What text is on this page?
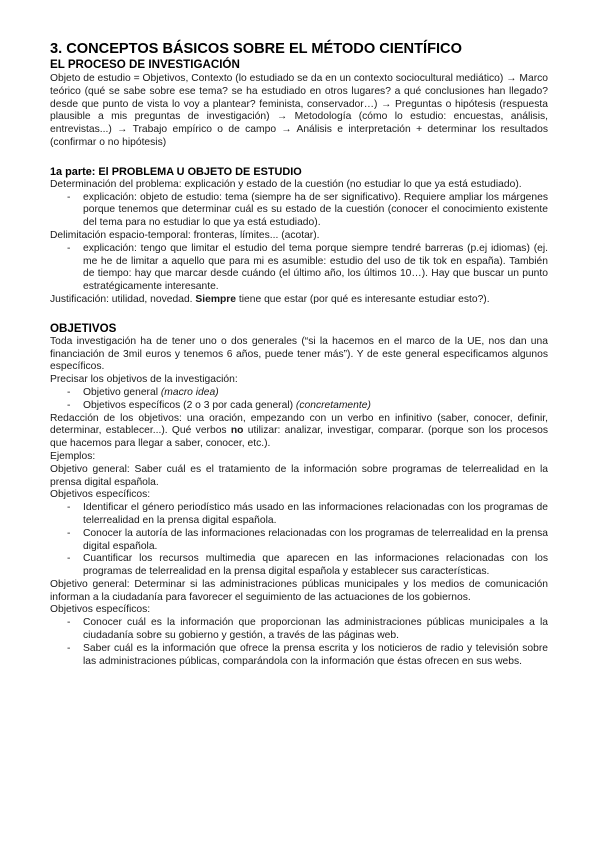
3. CONCEPTOS BÁSICOS SOBRE EL MÉTODO CIENTÍFICO
EL PROCESO DE INVESTIGACIÓN

Objeto de estudio = Objetivos, Contexto (lo estudiado se da en un contexto sociocultural mediático) → Marco teórico (qué se sabe sobre ese tema? se ha estudiado en otros lugares? a qué conclusiones han llegado? desde que punto de vista lo voy a plantear? feminista, conservador…) → Preguntas o hipótesis (respuesta plausible a mis preguntas de investigación) → Metodología (cómo lo estudio: encuestas, análisis, entrevistas...) → Trabajo empírico o de campo → Análisis e interpretación + determinar los resultados (confirmar o no hipótesis)

1a parte: El PROBLEMA U OBJETO DE ESTUDIO

Determinación del problema: explicación y estado de la cuestión (no estudiar lo que ya está estudiado).

- explicación: objeto de estudio: tema (siempre ha de ser significativo). Requiere ampliar los márgenes porque tenemos que determinar cuál es su estado de la cuestión (conocer el conocimiento existente del tema para no estudiar lo que ya está estudiado).

Delimitación espacio-temporal: fronteras, límites... (acotar).

- explicación: tengo que limitar el estudio del tema porque siempre tendré barreras (p.ej idiomas) (ej. me he de limitar a aquello que para mi es asumible: estudio del uso de tik tok en españa). También de tiempo: hay que marcar desde cuándo (el último año, los últimos 10…). Hay que buscar un punto estratégicamente interesante.

Justificación: utilidad, novedad. Siempre tiene que estar (por qué es interesante estudiar esto?).

OBJETIVOS

Toda investigación ha de tener uno o dos generales (“si la hacemos en el marco de la UE, nos dan una financiación de 3mil euros y tenemos 6 años, puede tener más”). Y de este general especificamos algunos específicos.

Precisar los objetivos de la investigación:

- Objetivo general (macro idea)
- Objetivos específicos (2 o 3 por cada general) (concretamente)

Redacción de los objetivos: una oración, empezando con un verbo en infinitivo (saber, conocer, definir, determinar, establecer...). Qué verbos no utilizar: analizar, investigar, comparar. (porque son los procesos que hacemos para llegar a saber, conocer, etc.).

Ejemplos:

Objetivo general: Saber cuál es el tratamiento de la información sobre programas de telerrealidad en la prensa digital española.

Objetivos específicos:

- Identificar el género periodístico más usado en las informaciones relacionadas con los programas de telerrealidad en la prensa digital española.
- Conocer la autoría de las informaciones relacionadas con los programas de telerrealidad en la prensa digital española.
- Cuantificar los recursos multimedia que aparecen en las informaciones relacionadas con los programas de telerrealidad en la prensa digital española y establecer sus características.

Objetivo general: Determinar si las administraciones públicas municipales y los medios de comunicación informan a la ciudadanía para favorecer el seguimiento de las actuaciones de los gobiernos.

Objetivos específicos:

- Conocer cuál es la información que proporcionan las administraciones públicas municipales a la ciudadanía sobre su gobierno y gestión, a través de las páginas web.
- Saber cuál es la información que ofrece la prensa escrita y los noticieros de radio y televisión sobre las administraciones públicas, comparándola con la información que éstas ofrecen en sus webs.
